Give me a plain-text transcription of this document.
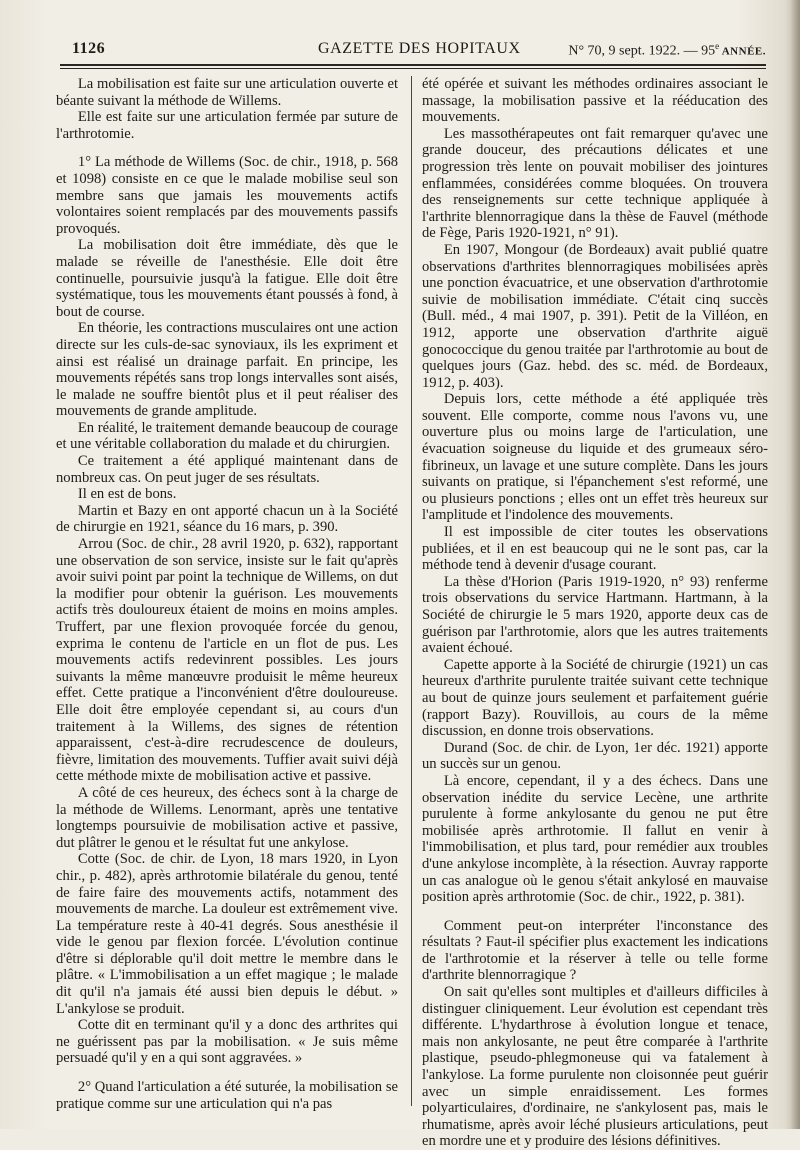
1126	GAZETTE DES HOPITAUX	N° 70, 9 sept. 1922. — 95e ANNÉE.

La mobilisation est faite sur une articulation ouverte et béante suivant la méthode de Willems.

Elle est faite sur une articulation fermée par suture de l'arthrotomie.

1° La méthode de Willems (Soc. de chir., 1918, p. 568 et 1098) consiste en ce que le malade mobilise seul son membre sans que jamais les mouvements actifs volontaires soient remplacés par des mouvements passifs provoqués.

La mobilisation doit être immédiate, dès que le malade se réveille de l'anesthésie. Elle doit être continuelle, poursuivie jusqu'à la fatigue. Elle doit être systématique, tous les mouvements étant poussés à fond, à bout de course.

En théorie, les contractions musculaires ont une action directe sur les culs-de-sac synoviaux, ils les expriment et ainsi est réalisé un drainage parfait. En principe, les mouvements répétés sans trop longs intervalles sont aisés, le malade ne souffre bientôt plus et il peut réaliser des mouvements de grande amplitude.

En réalité, le traitement demande beaucoup de courage et une véritable collaboration du malade et du chirurgien.

Ce traitement a été appliqué maintenant dans de nombreux cas. On peut juger de ses résultats.

Il en est de bons.

Martin et Bazy en ont apporté chacun un à la Société de chirurgie en 1921, séance du 16 mars, p. 390.

Arrou (Soc. de chir., 28 avril 1920, p. 632), rapportant une observation de son service, insiste sur le fait qu'après avoir suivi point par point la technique de Willems, on dut la modifier pour obtenir la guérison. Les mouvements actifs très douloureux étaient de moins en moins amples. Truffert, par une flexion provoquée forcée du genou, exprima le contenu de l'article en un flot de pus. Les mouvements actifs redevinrent possibles. Les jours suivants la même manœuvre produisit le même heureux effet. Cette pratique a l'inconvénient d'être douloureuse. Elle doit être employée cependant si, au cours d'un traitement à la Willems, des signes de rétention apparaissent, c'est-à-dire recrudescence de douleurs, fièvre, limitation des mouvements. Tuffier avait suivi déjà cette méthode mixte de mobilisation active et passive.

A côté de ces heureux, des échecs sont à la charge de la méthode de Willems. Lenormant, après une tentative longtemps poursuivie de mobilisation active et passive, dut plâtrer le genou et le résultat fut une ankylose.

Cotte (Soc. de chir. de Lyon, 18 mars 1920, in Lyon chir., p. 482), après arthrotomie bilatérale du genou, tenté de faire faire des mouvements actifs, notamment des mouvements de marche. La douleur est extrêmement vive. La température reste à 40-41 degrés. Sous anesthésie il vide le genou par flexion forcée. L'évolution continue d'être si déplorable qu'il doit mettre le membre dans le plâtre. « L'immobilisation a un effet magique ; le malade dit qu'il n'a jamais été aussi bien depuis le début. » L'ankylose se produit.

Cotte dit en terminant qu'il y a donc des arthrites qui ne guérissent pas par la mobilisation. « Je suis même persuadé qu'il y en a qui sont aggravées. »

2° Quand l'articulation a été suturée, la mobilisation se pratique comme sur une articulation qui n'a pas

été opérée et suivant les méthodes ordinaires associant le massage, la mobilisation passive et la rééducation des mouvements.

Les massothérapeutes ont fait remarquer qu'avec une grande douceur, des précautions délicates et une progression très lente on pouvait mobiliser des jointures enflammées, considérées comme bloquées. On trouvera des renseignements sur cette technique appliquée à l'arthrite blennorragique dans la thèse de Fauvel (méthode de Fège, Paris 1920-1921, n° 91).

En 1907, Mongour (de Bordeaux) avait publié quatre observations d'arthrites blennorragiques mobilisées après une ponction évacuatrice, et une observation d'arthrotomie suivie de mobilisation immédiate. C'était cinq succès (Bull. méd., 4 mai 1907, p. 391). Petit de la Villéon, en 1912, apporte une observation d'arthrite aiguë gonococcique du genou traitée par l'arthrotomie au bout de quelques jours (Gaz. hebd. des sc. méd. de Bordeaux, 1912, p. 403).

Depuis lors, cette méthode a été appliquée très souvent. Elle comporte, comme nous l'avons vu, une ouverture plus ou moins large de l'articulation, une évacuation soigneuse du liquide et des grumeaux séro-fibrineux, un lavage et une suture complète. Dans les jours suivants on pratique, si l'épanchement s'est reformé, une ou plusieurs ponctions ; elles ont un effet très heureux sur l'amplitude et l'indolence des mouvements.

Il est impossible de citer toutes les observations publiées, et il en est beaucoup qui ne le sont pas, car la méthode tend à devenir d'usage courant.

La thèse d'Horion (Paris 1919-1920, n° 93) renferme trois observations du service Hartmann. Hartmann, à la Société de chirurgie le 5 mars 1920, apporte deux cas de guérison par l'arthrotomie, alors que les autres traitements avaient échoué.

Capette apporte à la Société de chirurgie (1921) un cas heureux d'arthrite purulente traitée suivant cette technique au bout de quinze jours seulement et parfaitement guérie (rapport Bazy). Rouvillois, au cours de la même discussion, en donne trois observations.

Durand (Soc. de chir. de Lyon, 1er déc. 1921) apporte un succès sur un genou.

Là encore, cependant, il y a des échecs. Dans une observation inédite du service Lecène, une arthrite purulente à forme ankylosante du genou ne put être mobilisée après arthrotomie. Il fallut en venir à l'immobilisation, et plus tard, pour remédier aux troubles d'une ankylose incomplète, à la résection. Auvray rapporte un cas analogue où le genou s'était ankylosé en mauvaise position après arthrotomie (Soc. de chir., 1922, p. 381).

Comment peut-on interpréter l'inconstance des résultats ? Faut-il spécifier plus exactement les indications de l'arthrotomie et la réserver à telle ou telle forme d'arthrite blennorragique ?

On sait qu'elles sont multiples et d'ailleurs difficiles à distinguer cliniquement. Leur évolution est cependant très différente. L'hydarthrose à évolution longue et tenace, mais non ankylosante, ne peut être comparée à l'arthrite plastique, pseudo-phlegmoneuse qui va fatalement à l'ankylose. La forme purulente non cloisonnée peut guérir avec un simple enraidissement. Les formes polyarticulaires, d'ordinaire, ne s'ankylosent pas, mais le rhumatisme, après avoir léché plusieurs articulations, peut en mordre une et y produire des lésions définitives.
